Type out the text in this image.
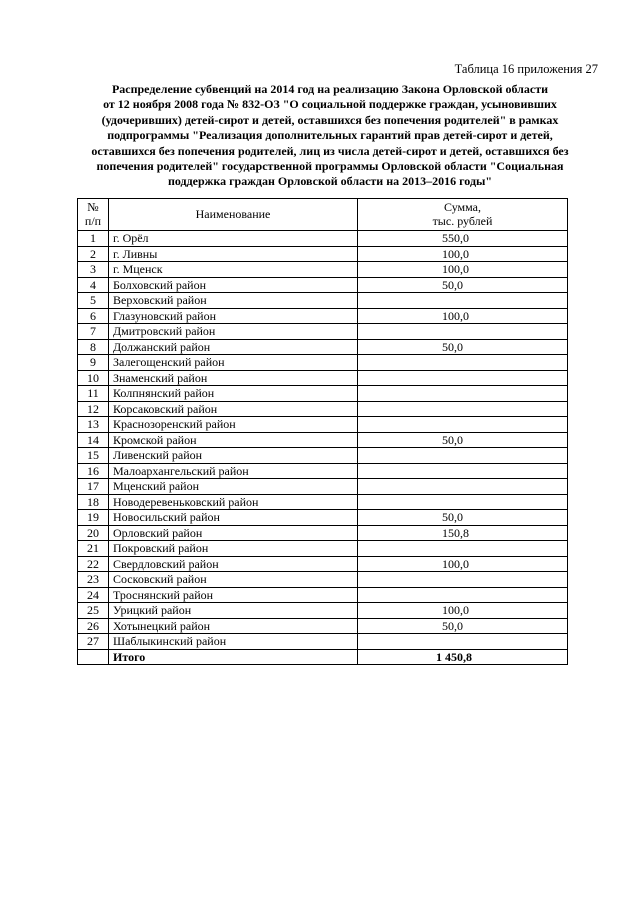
Таблица 16 приложения 27
Распределение субвенций на 2014 год на реализацию Закона Орловской области
от 12 ноября 2008 года № 832-ОЗ "О социальной поддержке граждан, усыновивших
(удочеривших) детей-сирот и детей, оставшихся без попечения родителей" в рамках
подпрограммы "Реализация дополнительных гарантий прав детей-сирот и детей,
оставшихся без попечения родителей, лиц из числа детей-сирот и детей, оставшихся без
попечения родителей" государственной программы Орловской области "Социальная
поддержка граждан Орловской области на 2013–2016 годы"
№
п/п	Наименование	Сумма,
тыс. рублей

1	г. Орёл	550,0
2	г. Ливны	100,0
3	г. Мценск	100,0
4	Болховский район	50,0
5	Верховский район	
6	Глазуновский район	100,0
7	Дмитровский район	
8	Должанский район	50,0
9	Залегощенский район	
10	Знаменский район	
11	Колпнянский район	
12	Корсаковский район	
13	Краснозоренский район	
14	Кромской район	50,0
15	Ливенский район	
16	Малоархангельский район	
17	Мценский район	
18	Новодеревеньковский район	
19	Новосильский район	50,0
20	Орловский район	150,8
21	Покровский район	
22	Свердловский район	100,0
23	Сосковский район	
24	Троснянский район	
25	Урицкий район	100,0
26	Хотынецкий район	50,0
27	Шаблыкинский район	
	Итого	1 450,8
